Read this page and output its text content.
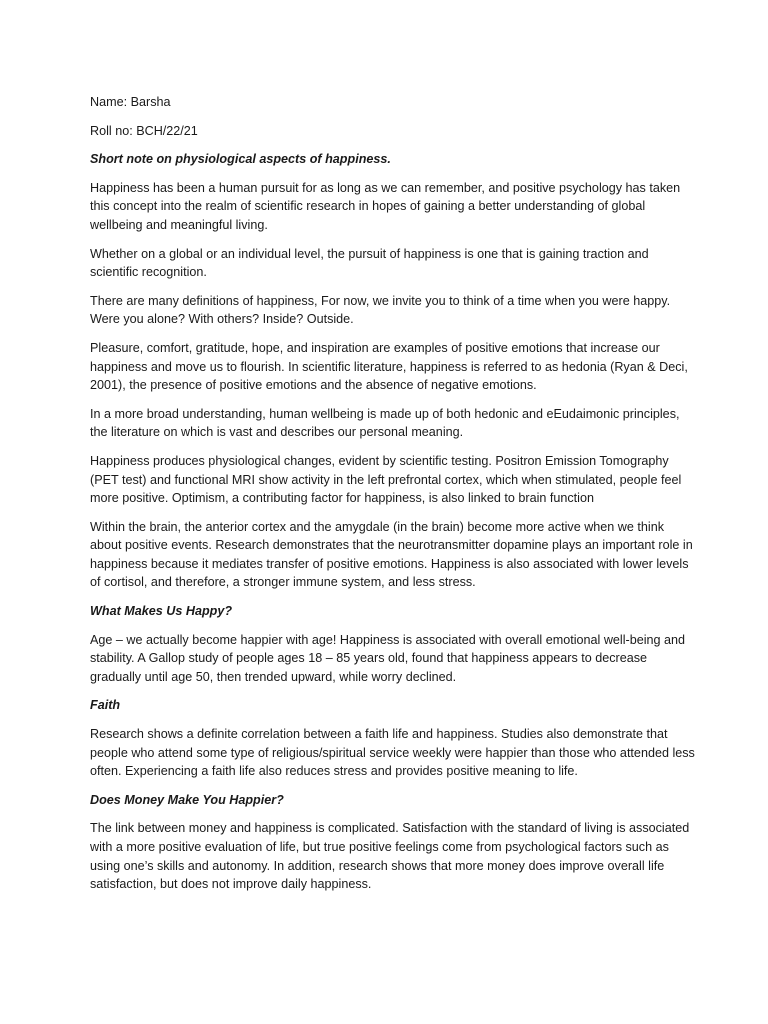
Name: Barsha
Roll no: BCH/22/21
Short note on physiological aspects of happiness.

Happiness has been a human pursuit for as long as we can remember, and positive psychology has taken this concept into the realm of scientific research in hopes of gaining a better understanding of global wellbeing and meaningful living.

Whether on a global or an individual level, the pursuit of happiness is one that is gaining traction and scientific recognition.

There are many definitions of happiness, For now, we invite you to think of a time when you were happy. Were you alone? With others? Inside? Outside.

Pleasure, comfort, gratitude, hope, and inspiration are examples of positive emotions that increase our happiness and move us to flourish. In scientific literature, happiness is referred to as hedonia (Ryan & Deci, 2001), the presence of positive emotions and the absence of negative emotions.

In a more broad understanding, human wellbeing is made up of both hedonic and eEudaimonic principles, the literature on which is vast and describes our personal meaning.

Happiness produces physiological changes, evident by scientific testing. Positron Emission Tomography (PET test) and functional MRI show activity in the left prefrontal cortex, which when stimulated, people feel more positive. Optimism, a contributing factor for happiness, is also linked to brain function

Within the brain, the anterior cortex and the amygdale (in the brain) become more active when we think about positive events. Research demonstrates that the neurotransmitter dopamine plays an important role in happiness because it mediates transfer of positive emotions. Happiness is also associated with lower levels of cortisol, and therefore, a stronger immune system, and less stress.

What Makes Us Happy?

Age – we actually become happier with age! Happiness is associated with overall emotional well-being and stability. A Gallop study of people ages 18 – 85 years old, found that happiness appears to decrease gradually until age 50, then trended upward, while worry declined.

Faith

Research shows a definite correlation between a faith life and happiness. Studies also demonstrate that people who attend some type of religious/spiritual service weekly were happier than those who attended less often. Experiencing a faith life also reduces stress and provides positive meaning to life.

Does Money Make You Happier?

The link between money and happiness is complicated. Satisfaction with the standard of living is associated with a more positive evaluation of life, but true positive feelings come from psychological factors such as using one’s skills and autonomy. In addition, research shows that more money does improve overall life satisfaction, but does not improve daily happiness.
